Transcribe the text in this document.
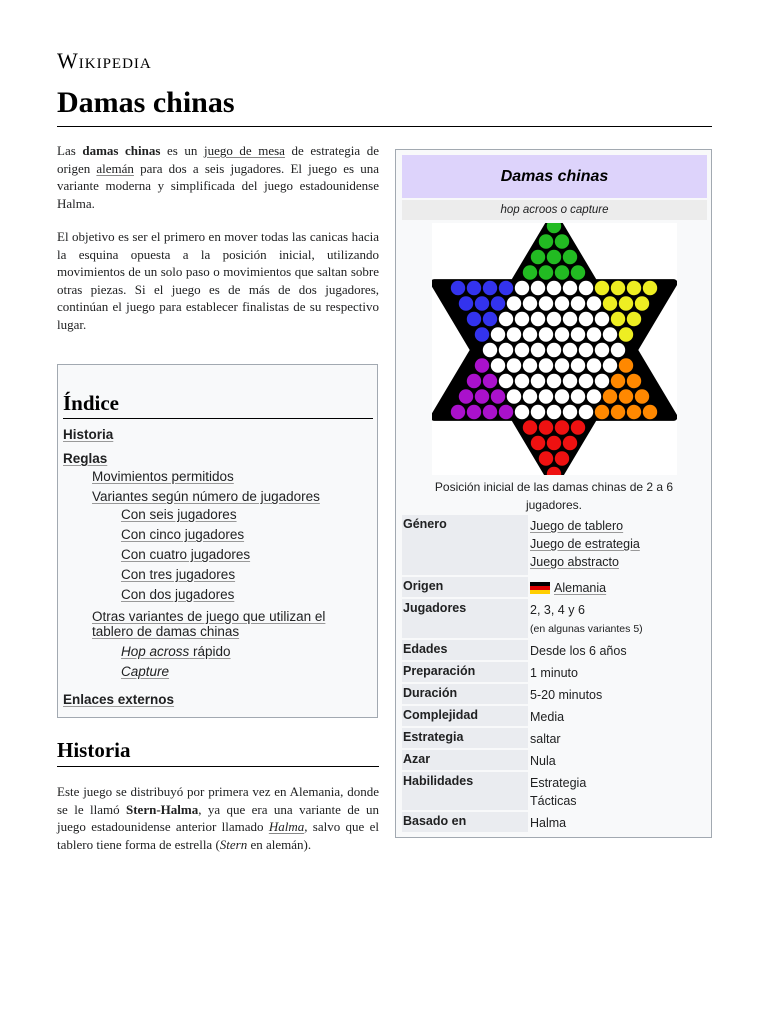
Wikipedia
Damas chinas

Las damas chinas es un juego de mesa de estrategia de origen alemán para dos a seis jugadores. El juego es una variante moderna y simplificada del juego estadounidense Halma.

El objetivo es ser el primero en mover todas las canicas hacia la esquina opuesta a la posición inicial, utilizando movimientos de un solo paso o movimientos que saltan sobre otras piezas. Si el juego es de más de dos jugadores, continúan el juego para establecer finalistas de su respectivo lugar.

Índice
Historia
Reglas
Movimientos permitidos
Variantes según número de jugadores
Con seis jugadores
Con cinco jugadores
Con cuatro jugadores
Con tres jugadores
Con dos jugadores
Otras variantes de juego que utilizan el
tablero de damas chinas
Hop across rápido
Capture
Enlaces externos
Historia

Este juego se distribuyó por primera vez en Alemania, donde se le llamó Stern-Halma, ya que era una variante de un juego estadounidense anterior llamado Halma, salvo que el tablero tiene forma de estrella (Stern en alemán).

Damas chinas
hop acroos o capture
Posición inicial de las damas chinas de 2 a 6 jugadores.
Género	Juego de tablero
Juego de estrategia
Juego abstracto
Origen	Alemania
Jugadores	2, 3, 4 y 6
(en algunas variantes 5)
Edades	Desde los 6 años
Preparación	1 minuto
Duración	5-20 minutos
Complejidad	Media
Estrategia	saltar
Azar	Nula
Habilidades	Estrategia
Tácticas
Basado en	Halma
